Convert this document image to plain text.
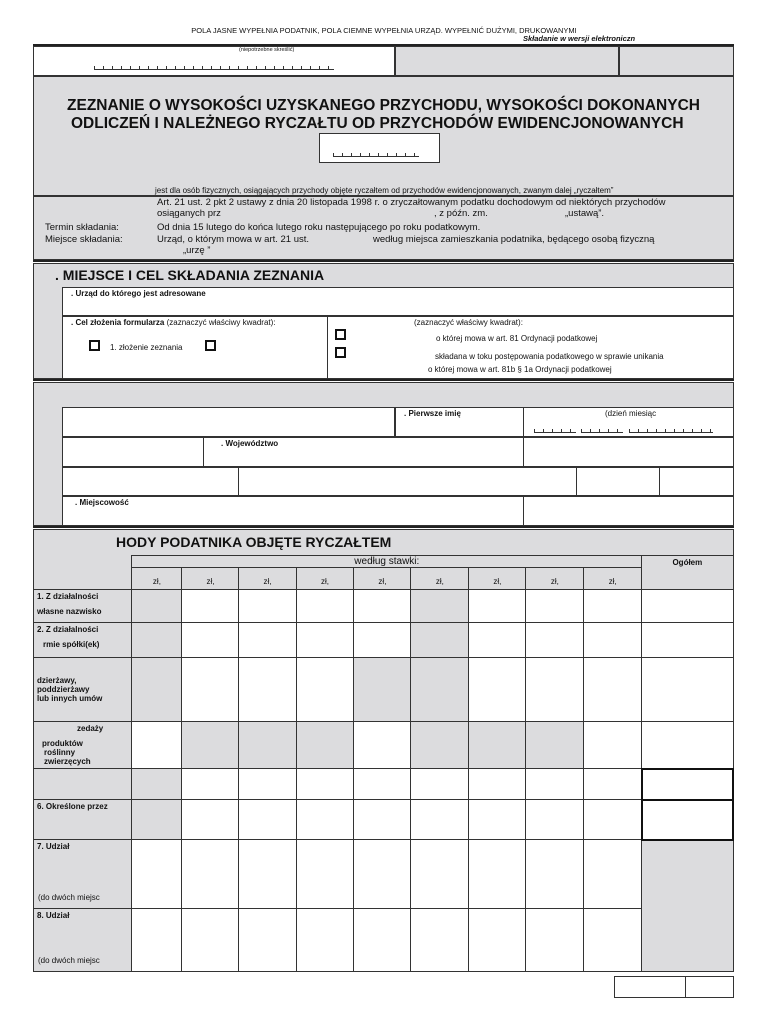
POLA JASNE WYPEŁNIA PODATNIK, POLA CIEMNE WYPEŁNIA URZĄD. WYPEŁNIĆ DUŻYMI, DRUKOWANYMI
Składanie w wersji elektroniczn
(niepotrzebne skreślić)
ZEZNANIE O WYSOKOŚCI UZYSKANEGO PRZYCHODU, WYSOKOŚCI DOKONANYCH
ODLICZEŃ I NALEŻNEGO RYCZAŁTU OD PRZYCHODÓW EWIDENCJONOWANYCH
jest dla osób fizycznych, osiągających przychody objęte ryczałtem od przychodów ewidencjonowanych, zwanym dalej „ryczałtem”
Art. 21 ust. 2 pkt 2 ustawy z dnia 20 listopada 1998 r. o zryczałtowanym podatku dochodowym od niektórych przychodów
osiąganych prz	, z późn. zm.	„ustawą”.
Termin składania:	Od dnia 15 lutego do końca lutego roku następującego po roku podatkowym.
Miejsce składania:	Urząd, o którym mowa w art. 21 ust.	według miejsca zamieszkania podatnika, będącego osobą fizyczną
„urzę ”
. MIEJSCE I CEL SKŁADANIA ZEZNANIA
. Urząd do którego jest adresowane
. Cel złożenia formularza (zaznaczyć właściwy kwadrat):
1. złożenie zeznania
(zaznaczyć właściwy kwadrat):
o której mowa w art. 81 Ordynacji podatkowej
składana w toku postępowania podatkowego w sprawie unikania
o której mowa w art. 81b § 1a Ordynacji podatkowej
. Pierwsze imię	(dzień miesiąc
. Województwo
. Miejscowość
HODY PODATNIKA OBJĘTE RYCZAŁTEM
	według stawki:									Ogółem
	zł,	zł,	zł,	zł,	zł,	zł,	zł,	zł,	zł,	

1. Z działalności
własne nazwisko										

2. Z działalności
rmie spółki(ek)										

dzierżawy,
poddzierżawy
lub innych umów										

zedaży
produktów
roślinny
zwierzęcych										

6. Określone przez										

7. Udział
(do dwóch miejsc										

8. Udział
(do dwóch miejsc										
